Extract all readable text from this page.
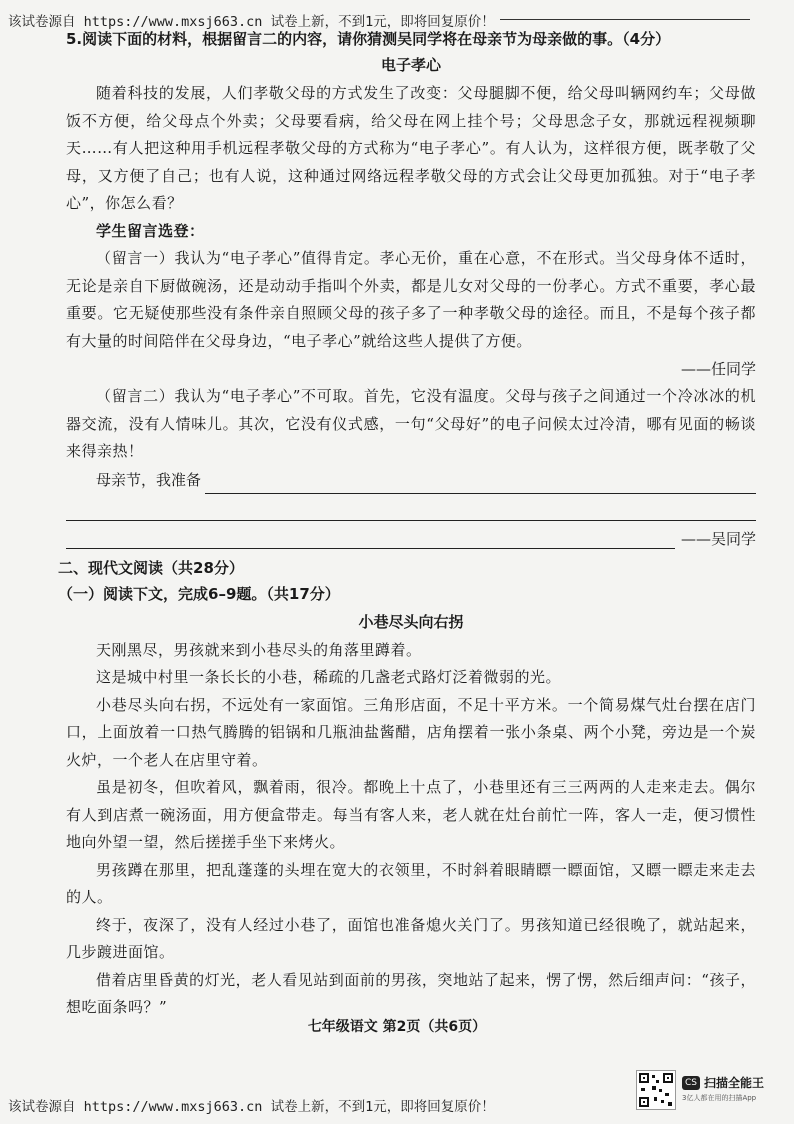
该试卷源自 https://www.mxsj663.cn 试卷上新，不到1元，即将回复原价！

5.阅读下面的材料，根据留言二的内容，请你猜测吴同学将在母亲节为母亲做的事。（4分）

电子孝心

随着科技的发展，人们孝敬父母的方式发生了改变：父母腿脚不便，给父母叫辆网约车；父母做饭不方便，给父母点个外卖；父母要看病，给父母在网上挂个号；父母思念子女，那就远程视频聊天……有人把这种用手机远程孝敬父母的方式称为“电子孝心”。有人认为，这样很方便，既孝敬了父母，又方便了自己；也有人说，这种通过网络远程孝敬父母的方式会让父母更加孤独。对于“电子孝心”，你怎么看？

学生留言选登：

（留言一）我认为“电子孝心”值得肯定。孝心无价，重在心意，不在形式。当父母身体不适时，无论是亲自下厨做碗汤，还是动动手指叫个外卖，都是儿女对父母的一份孝心。方式不重要，孝心最重要。它无疑使那些没有条件亲自照顾父母的孩子多了一种孝敬父母的途径。而且，不是每个孩子都有大量的时间陪伴在父母身边，“电子孝心”就给这些人提供了方便。

——任同学

（留言二）我认为“电子孝心”不可取。首先，它没有温度。父母与孩子之间通过一个冷冰冰的机器交流，没有人情味儿。其次，它没有仪式感，一句“父母好”的电子问候太过冷清，哪有见面的畅谈来得亲热！

母亲节，我准备
——吴同学

二、现代文阅读（共28分）

（一）阅读下文，完成6–9题。（共17分）

小巷尽头向右拐

天刚黑尽，男孩就来到小巷尽头的角落里蹲着。

这是城中村里一条长长的小巷，稀疏的几盏老式路灯泛着微弱的光。

小巷尽头向右拐，不远处有一家面馆。三角形店面，不足十平方米。一个简易煤气灶台摆在店门口，上面放着一口热气腾腾的铝锅和几瓶油盐酱醋，店角摆着一张小条桌、两个小凳，旁边是一个炭火炉，一个老人在店里守着。

虽是初冬，但吹着风，飘着雨，很冷。都晚上十点了，小巷里还有三三两两的人走来走去。偶尔有人到店煮一碗汤面，用方便盒带走。每当有客人来，老人就在灶台前忙一阵，客人一走，便习惯性地向外望一望，然后搓搓手坐下来烤火。

男孩蹲在那里，把乱蓬蓬的头埋在宽大的衣领里，不时斜着眼睛瞟一瞟面馆，又瞟一瞟走来走去的人。

终于，夜深了，没有人经过小巷了，面馆也准备熄火关门了。男孩知道已经很晚了，就站起来，几步踱进面馆。

借着店里昏黄的灯光，老人看见站到面前的男孩，突地站了起来，愣了愣，然后细声问：“孩子，想吃面条吗？”

七年级语文 第2页（共6页）
CS 扫描全能王
3亿人都在用的扫描App
该试卷源自 https://www.mxsj663.cn 试卷上新，不到1元，即将回复原价！
